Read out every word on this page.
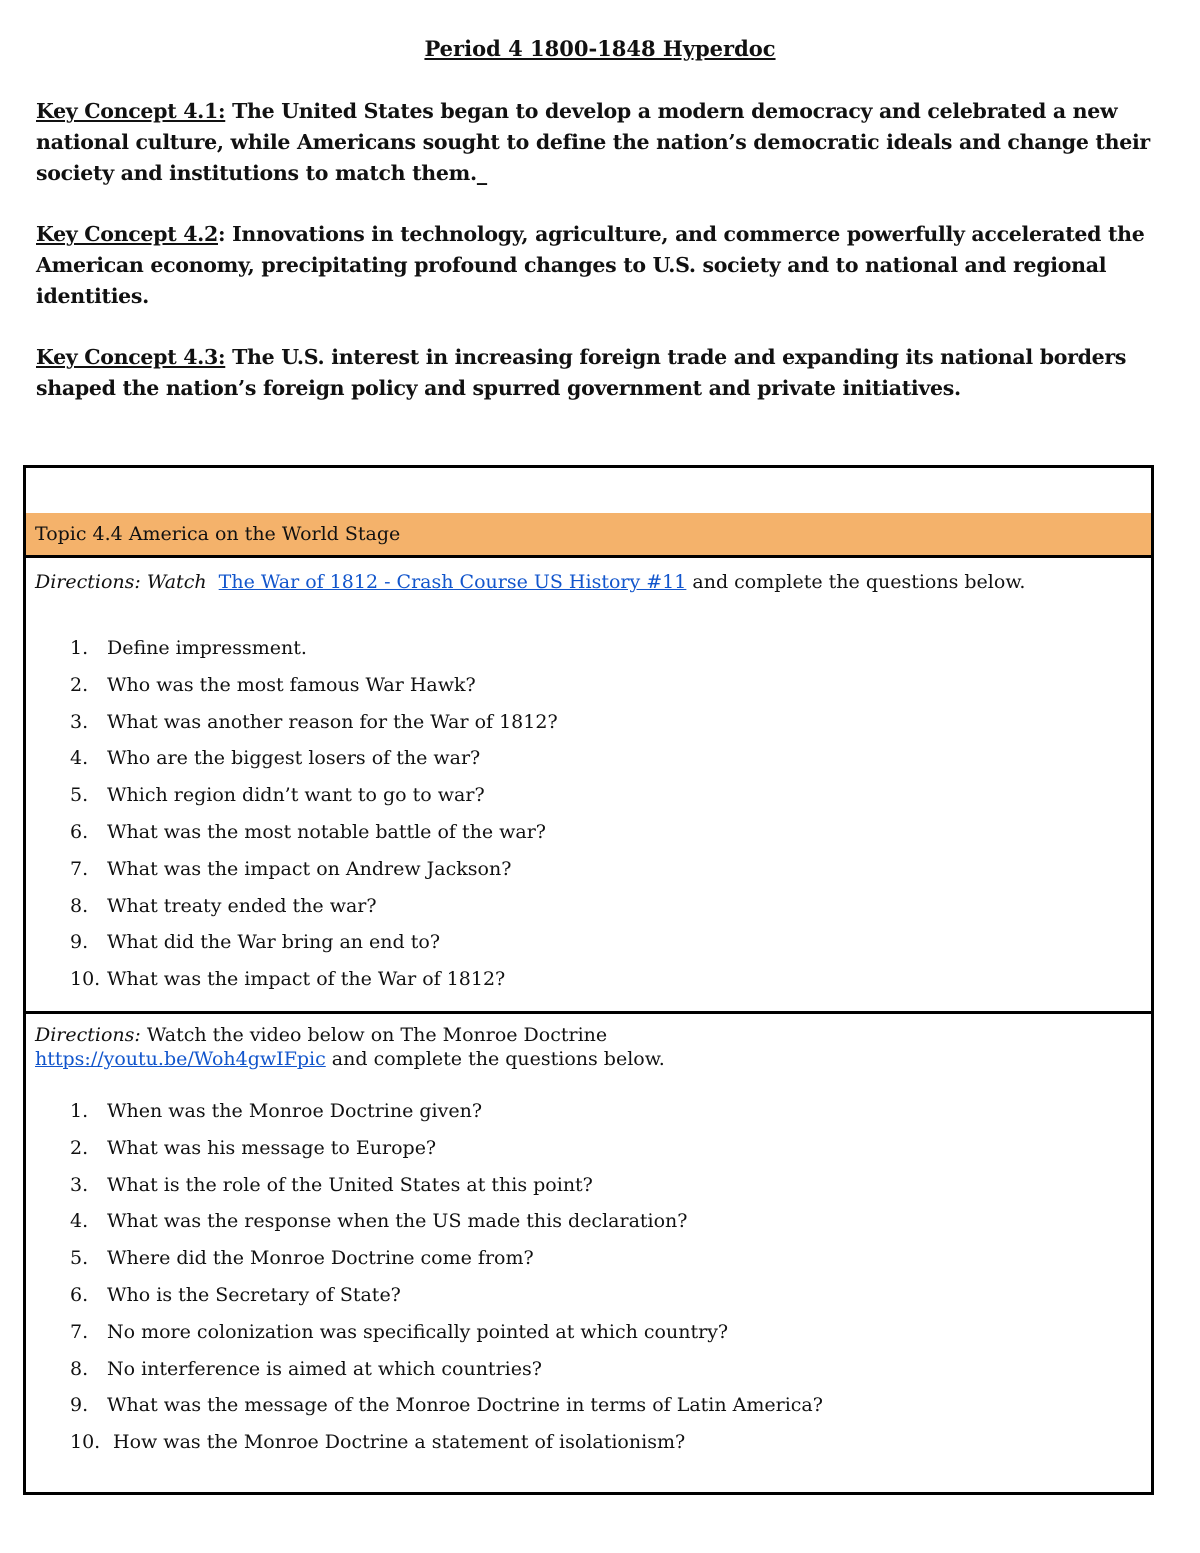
Period 4 1800-1848 Hyperdoc
Key Concept 4.1: The United States began to develop a modern democracy and celebrated a new national culture, while Americans sought to define the nation’s democratic ideals and change their society and institutions to match them._
Key Concept 4.2: Innovations in technology, agriculture, and commerce powerfully accelerated the American economy, precipitating profound changes to U.S. society and to national and regional identities.
Key Concept 4.3: The U.S. interest in increasing foreign trade and expanding its national borders shaped the nation’s foreign policy and spurred government and private initiatives.
Topic 4.4 America on the World Stage
Directions: Watch The War of 1812 - Crash Course US History #11 and complete the questions below.
1. Define impressment.
2. Who was the most famous War Hawk?
3. What was another reason for the War of 1812?
4. Who are the biggest losers of the war?
5. Which region didn’t want to go to war?
6. What was the most notable battle of the war?
7. What was the impact on Andrew Jackson?
8. What treaty ended the war?
9. What did the War bring an end to?
10. What was the impact of the War of 1812?
Directions: Watch the video below on The Monroe Doctrine
https://youtu.be/Woh4gwIFpic and complete the questions below.
1. When was the Monroe Doctrine given?
2. What was his message to Europe?
3. What is the role of the United States at this point?
4. What was the response when the US made this declaration?
5. Where did the Monroe Doctrine come from?
6. Who is the Secretary of State?
7. No more colonization was specifically pointed at which country?
8. No interference is aimed at which countries?
9. What was the message of the Monroe Doctrine in terms of Latin America?
10. How was the Monroe Doctrine a statement of isolationism?
